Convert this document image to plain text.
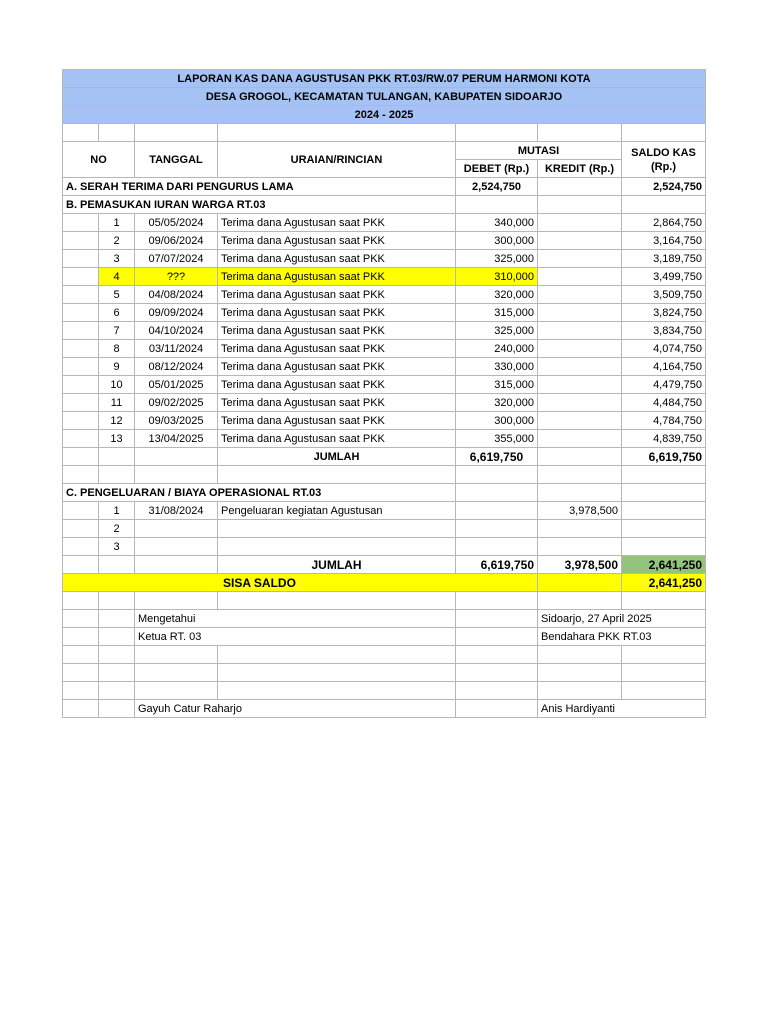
LAPORAN KAS DANA AGUSTUSAN PKK RT.03/RW.07 PERUM HARMONI KOTA						
DESA GROGOL, KECAMATAN TULANGAN, KABUPATEN SIDOARJO						
2024 - 2025						

NO		TANGGAL	URAIAN/RINCIAN	MUTASI		SALDO KAS
(Rp.)
				DEBET (Rp.)	KREDIT (Rp.)	
A. SERAH TERIMA DARI PENGURUS LAMA				2,524,750		2,524,750
B. PEMASUKAN IURAN WARGA RT.03						
	1	05/05/2024	Terima dana Agustusan saat PKK	340,000		2,864,750
	2	09/06/2024	Terima dana Agustusan saat PKK	300,000		3,164,750
	3	07/07/2024	Terima dana Agustusan saat PKK	325,000		3,189,750
	4	???	Terima dana Agustusan saat PKK	310,000		3,499,750
	5	04/08/2024	Terima dana Agustusan saat PKK	320,000		3,509,750
	6	09/09/2024	Terima dana Agustusan saat PKK	315,000		3,824,750
	7	04/10/2024	Terima dana Agustusan saat PKK	325,000		3,834,750
	8	03/11/2024	Terima dana Agustusan saat PKK	240,000		4,074,750
	9	08/12/2024	Terima dana Agustusan saat PKK	330,000		4,164,750
	10	05/01/2025	Terima dana Agustusan saat PKK	315,000		4,479,750
	11	09/02/2025	Terima dana Agustusan saat PKK	320,000		4,484,750
	12	09/03/2025	Terima dana Agustusan saat PKK	300,000		4,784,750
	13	13/04/2025	Terima dana Agustusan saat PKK	355,000		4,839,750
			JUMLAH	6,619,750		6,619,750

C. PENGELUARAN / BIAYA OPERASIONAL RT.03						
	1	31/08/2024	Pengeluaran kegiatan Agustusan		3,978,500	
	2					
	3					
			JUMLAH	6,619,750	3,978,500	2,641,250
SISA SALDO						2,641,250

		Mengetahui			Sidoarjo, 27 April 2025	
		Ketua RT. 03			Bendahara PKK RT.03	

		Gayuh Catur Raharjo			Anis Hardiyanti	
